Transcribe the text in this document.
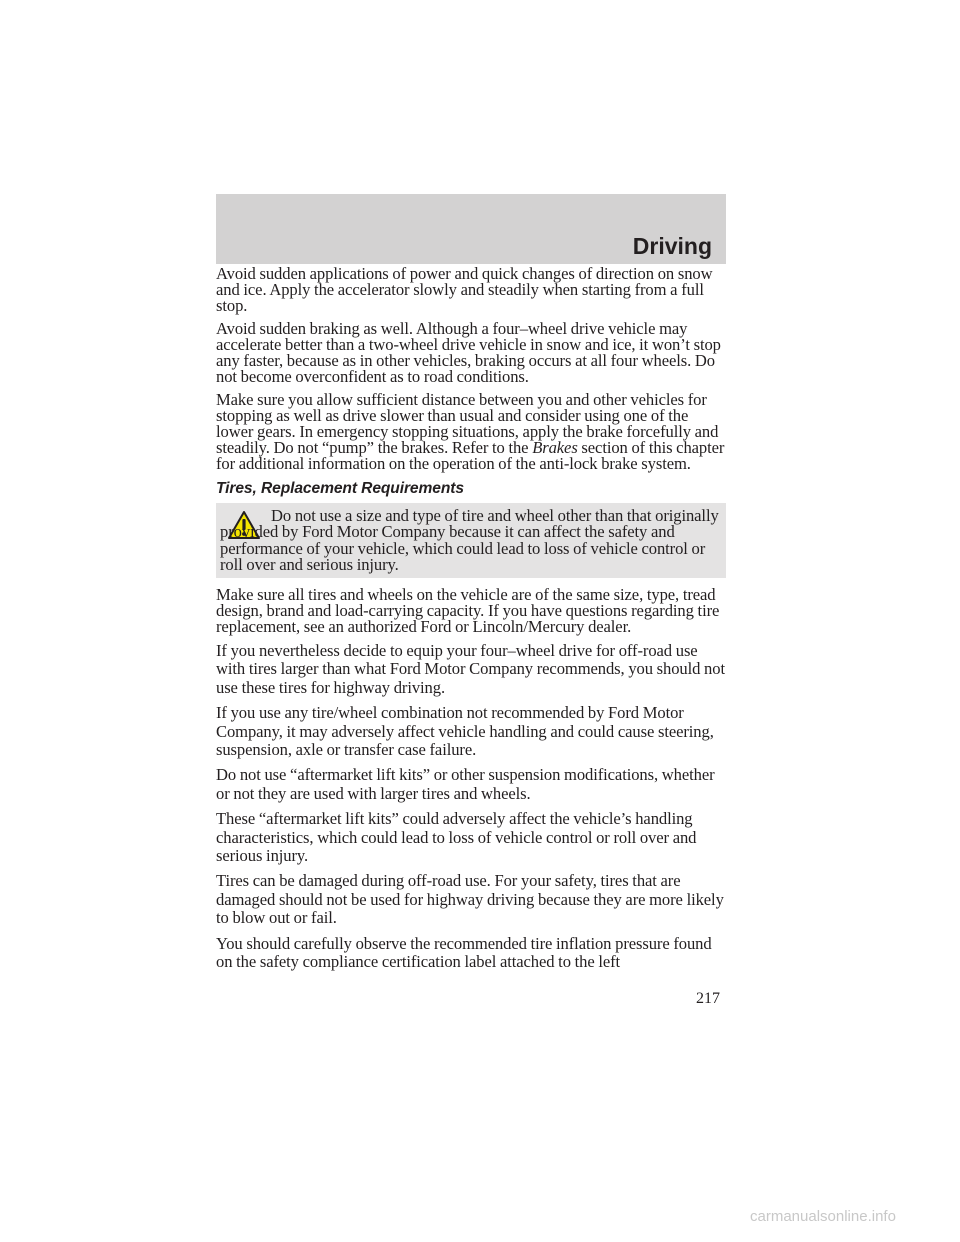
Driving

Avoid sudden applications of power and quick changes of direction on snow and ice. Apply the accelerator slowly and steadily when starting from a full stop.

Avoid sudden braking as well. Although a four–wheel drive vehicle may accelerate better than a two-wheel drive vehicle in snow and ice, it won’t stop any faster, because as in other vehicles, braking occurs at all four wheels. Do not become overconfident as to road conditions.

Make sure you allow sufficient distance between you and other vehicles for stopping as well as drive slower than usual and consider using one of the lower gears. In emergency stopping situations, apply the brake forcefully and steadily. Do not “pump” the brakes. Refer to the Brakes section of this chapter for additional information on the operation of the anti-lock brake system.

Tires, Replacement Requirements
Do not use a size and type of tire and wheel other than that originally provided by Ford Motor Company because it can affect the safety and performance of your vehicle, which could lead to loss of vehicle control or roll over and serious injury.

Make sure all tires and wheels on the vehicle are of the same size, type, tread design, brand and load-carrying capacity. If you have questions regarding tire replacement, see an authorized Ford or Lincoln/Mercury dealer.

If you nevertheless decide to equip your four–wheel drive for off-road use with tires larger than what Ford Motor Company recommends, you should not use these tires for highway driving.

If you use any tire/wheel combination not recommended by Ford Motor Company, it may adversely affect vehicle handling and could cause steering, suspension, axle or transfer case failure.

Do not use “aftermarket lift kits” or other suspension modifications, whether or not they are used with larger tires and wheels.

These “aftermarket lift kits” could adversely affect the vehicle’s handling characteristics, which could lead to loss of vehicle control or roll over and serious injury.

Tires can be damaged during off-road use. For your safety, tires that are damaged should not be used for highway driving because they are more likely to blow out or fail.

You should carefully observe the recommended tire inflation pressure found on the safety compliance certification label attached to the left

217
carmanualsonline.info
